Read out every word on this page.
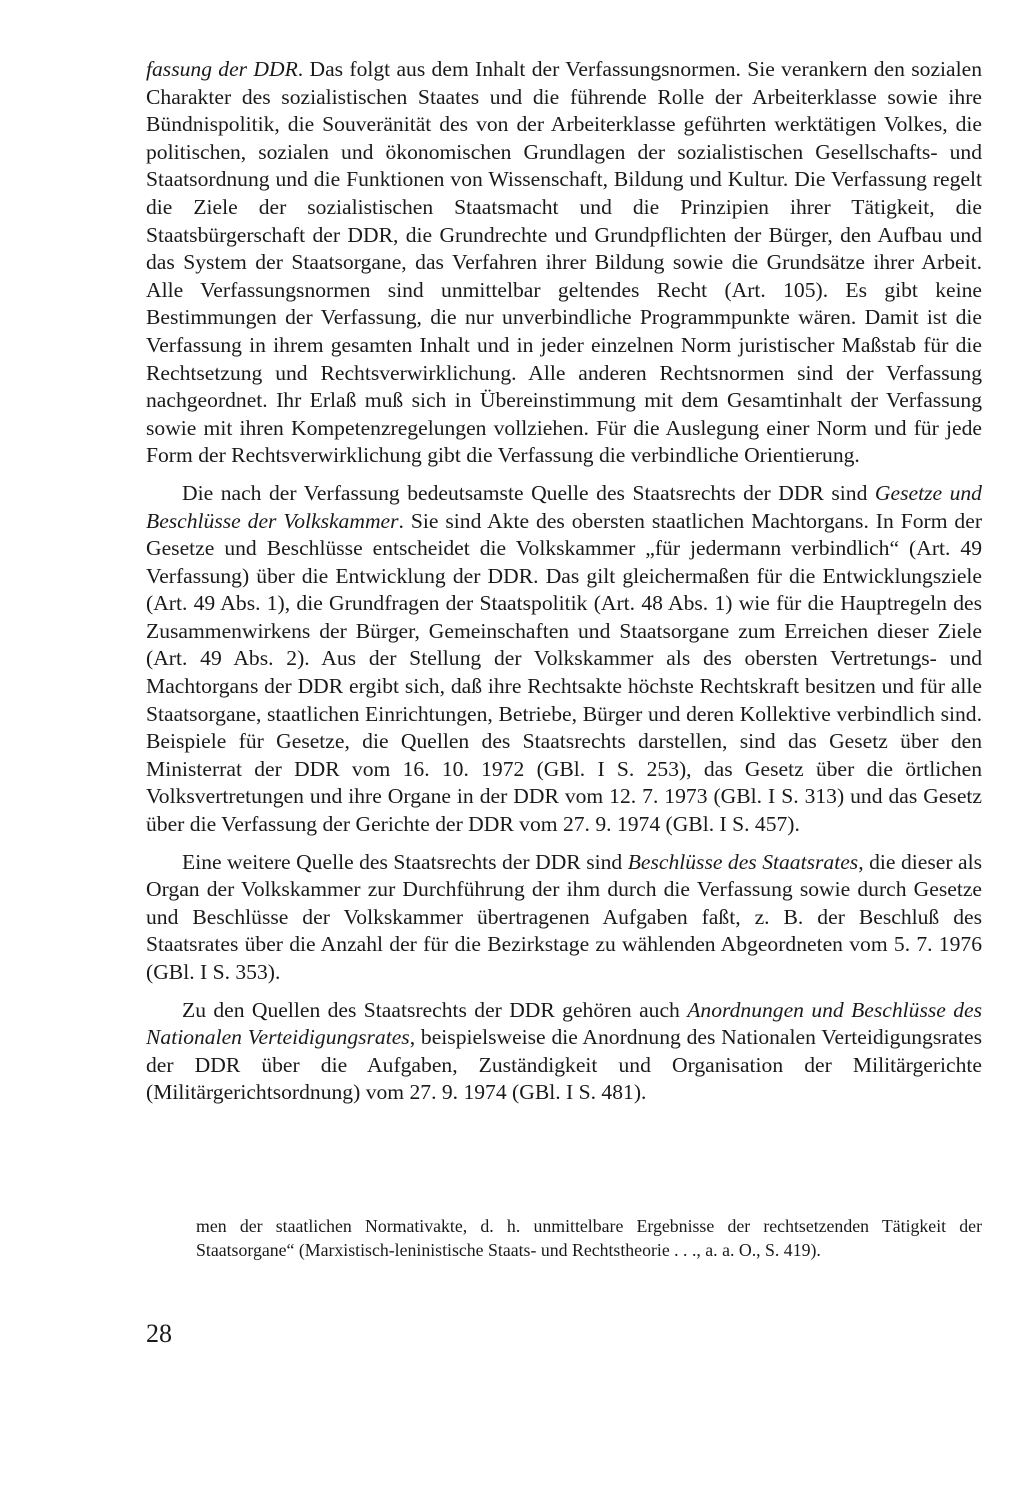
fassung der DDR. Das folgt aus dem Inhalt der Verfassungsnormen. Sie verankern den sozialen Charakter des sozialistischen Staates und die führende Rolle der Arbeiterklasse sowie ihre Bündnispolitik, die Souveränität des von der Arbeiterklasse geführten werktätigen Volkes, die politischen, sozialen und ökonomischen Grundlagen der sozialistischen Gesellschafts- und Staatsordnung und die Funktionen von Wissenschaft, Bildung und Kultur. Die Verfassung regelt die Ziele der sozialistischen Staatsmacht und die Prinzipien ihrer Tätigkeit, die Staatsbürgerschaft der DDR, die Grundrechte und Grundpflichten der Bürger, den Aufbau und das System der Staatsorgane, das Verfahren ihrer Bildung sowie die Grundsätze ihrer Arbeit. Alle Verfassungsnormen sind unmittelbar geltendes Recht (Art. 105). Es gibt keine Bestimmungen der Verfassung, die nur unverbindliche Programmpunkte wären. Damit ist die Verfassung in ihrem gesamten Inhalt und in jeder einzelnen Norm juristischer Maßstab für die Rechtsetzung und Rechtsverwirklichung. Alle anderen Rechtsnormen sind der Verfassung nachgeordnet. Ihr Erlaß muß sich in Übereinstimmung mit dem Gesamtinhalt der Verfassung sowie mit ihren Kompetenzregelungen vollziehen. Für die Auslegung einer Norm und für jede Form der Rechtsverwirklichung gibt die Verfassung die verbindliche Orientierung.

Die nach der Verfassung bedeutsamste Quelle des Staatsrechts der DDR sind Gesetze und Beschlüsse der Volkskammer. Sie sind Akte des obersten staatlichen Machtorgans. In Form der Gesetze und Beschlüsse entscheidet die Volkskammer „für jedermann verbindlich“ (Art. 49 Verfassung) über die Entwicklung der DDR. Das gilt gleichermaßen für die Entwicklungsziele (Art. 49 Abs. 1), die Grundfragen der Staatspolitik (Art. 48 Abs. 1) wie für die Hauptregeln des Zusammenwirkens der Bürger, Gemeinschaften und Staatsorgane zum Erreichen dieser Ziele (Art. 49 Abs. 2). Aus der Stellung der Volkskammer als des obersten Vertretungs- und Machtorgans der DDR ergibt sich, daß ihre Rechtsakte höchste Rechtskraft besitzen und für alle Staatsorgane, staatlichen Einrichtungen, Betriebe, Bürger und deren Kollektive verbindlich sind. Beispiele für Gesetze, die Quellen des Staatsrechts darstellen, sind das Gesetz über den Ministerrat der DDR vom 16. 10. 1972 (GBl. I S. 253), das Gesetz über die örtlichen Volksvertretungen und ihre Organe in der DDR vom 12. 7. 1973 (GBl. I S. 313) und das Gesetz über die Verfassung der Gerichte der DDR vom 27. 9. 1974 (GBl. I S. 457).

Eine weitere Quelle des Staatsrechts der DDR sind Beschlüsse des Staatsrates, die dieser als Organ der Volkskammer zur Durchführung der ihm durch die Verfassung sowie durch Gesetze und Beschlüsse der Volkskammer übertragenen Aufgaben faßt, z. B. der Beschluß des Staatsrates über die Anzahl der für die Bezirkstage zu wählenden Abgeordneten vom 5. 7. 1976 (GBl. I S. 353).

Zu den Quellen des Staatsrechts der DDR gehören auch Anordnungen und Beschlüsse des Nationalen Verteidigungsrates, beispielsweise die Anordnung des Nationalen Verteidigungsrates der DDR über die Aufgaben, Zuständigkeit und Organisation der Militärgerichte (Militärgerichtsordnung) vom 27. 9. 1974 (GBl. I S. 481).

men der staatlichen Normativakte, d. h. unmittelbare Ergebnisse der rechtsetzenden Tätigkeit der Staatsorgane“ (Marxistisch-leninistische Staats- und Rechtstheorie . . ., a. a. O., S. 419).

28
